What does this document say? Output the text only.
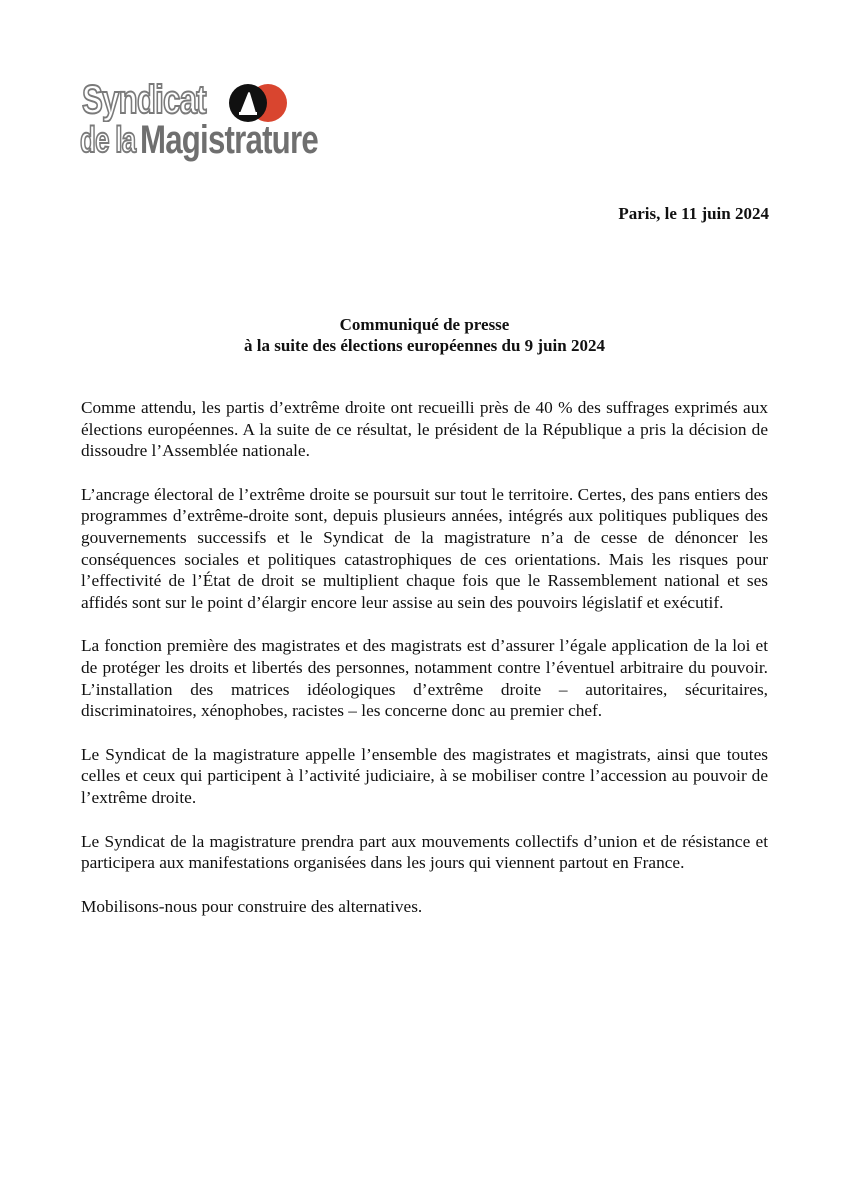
Syndicat
de la Magistrature
Paris, le 11 juin 2024
Communiqué de presse
à la suite des élections européennes du 9 juin 2024

Comme attendu, les partis d’extrême droite ont recueilli près de 40 % des suffrages exprimés aux élections européennes. A la suite de ce résultat, le président de la République a pris la décision de dissoudre l’Assemblée nationale.

L’ancrage électoral de l’extrême droite se poursuit sur tout le territoire. Certes, des pans entiers des programmes d’extrême-droite sont, depuis plusieurs années, intégrés aux politiques publiques des gouvernements successifs et le Syndicat de la magistrature n’a de cesse de dénoncer les conséquences sociales et politiques catastrophiques de ces orientations. Mais les risques pour l’effectivité de l’État de droit se multiplient chaque fois que le Rassemblement national et ses affidés sont sur le point d’élargir encore leur assise au sein des pouvoirs législatif et exécutif.

La fonction première des magistrates et des magistrats est d’assurer l’égale application de la loi et de protéger les droits et libertés des personnes, notamment contre l’éventuel arbitraire du pouvoir. L’installation des matrices idéologiques d’extrême droite – autoritaires, sécuritaires, discriminatoires, xénophobes, racistes – les concerne donc au premier chef.

Le Syndicat de la magistrature appelle l’ensemble des magistrates et magistrats, ainsi que toutes celles et ceux qui participent à l’activité judiciaire, à se mobiliser contre l’accession au pouvoir de l’extrême droite.

Le Syndicat de la magistrature prendra part aux mouvements collectifs d’union et de résistance et participera aux manifestations organisées dans les jours qui viennent partout en France.

Mobilisons-nous pour construire des alternatives.
